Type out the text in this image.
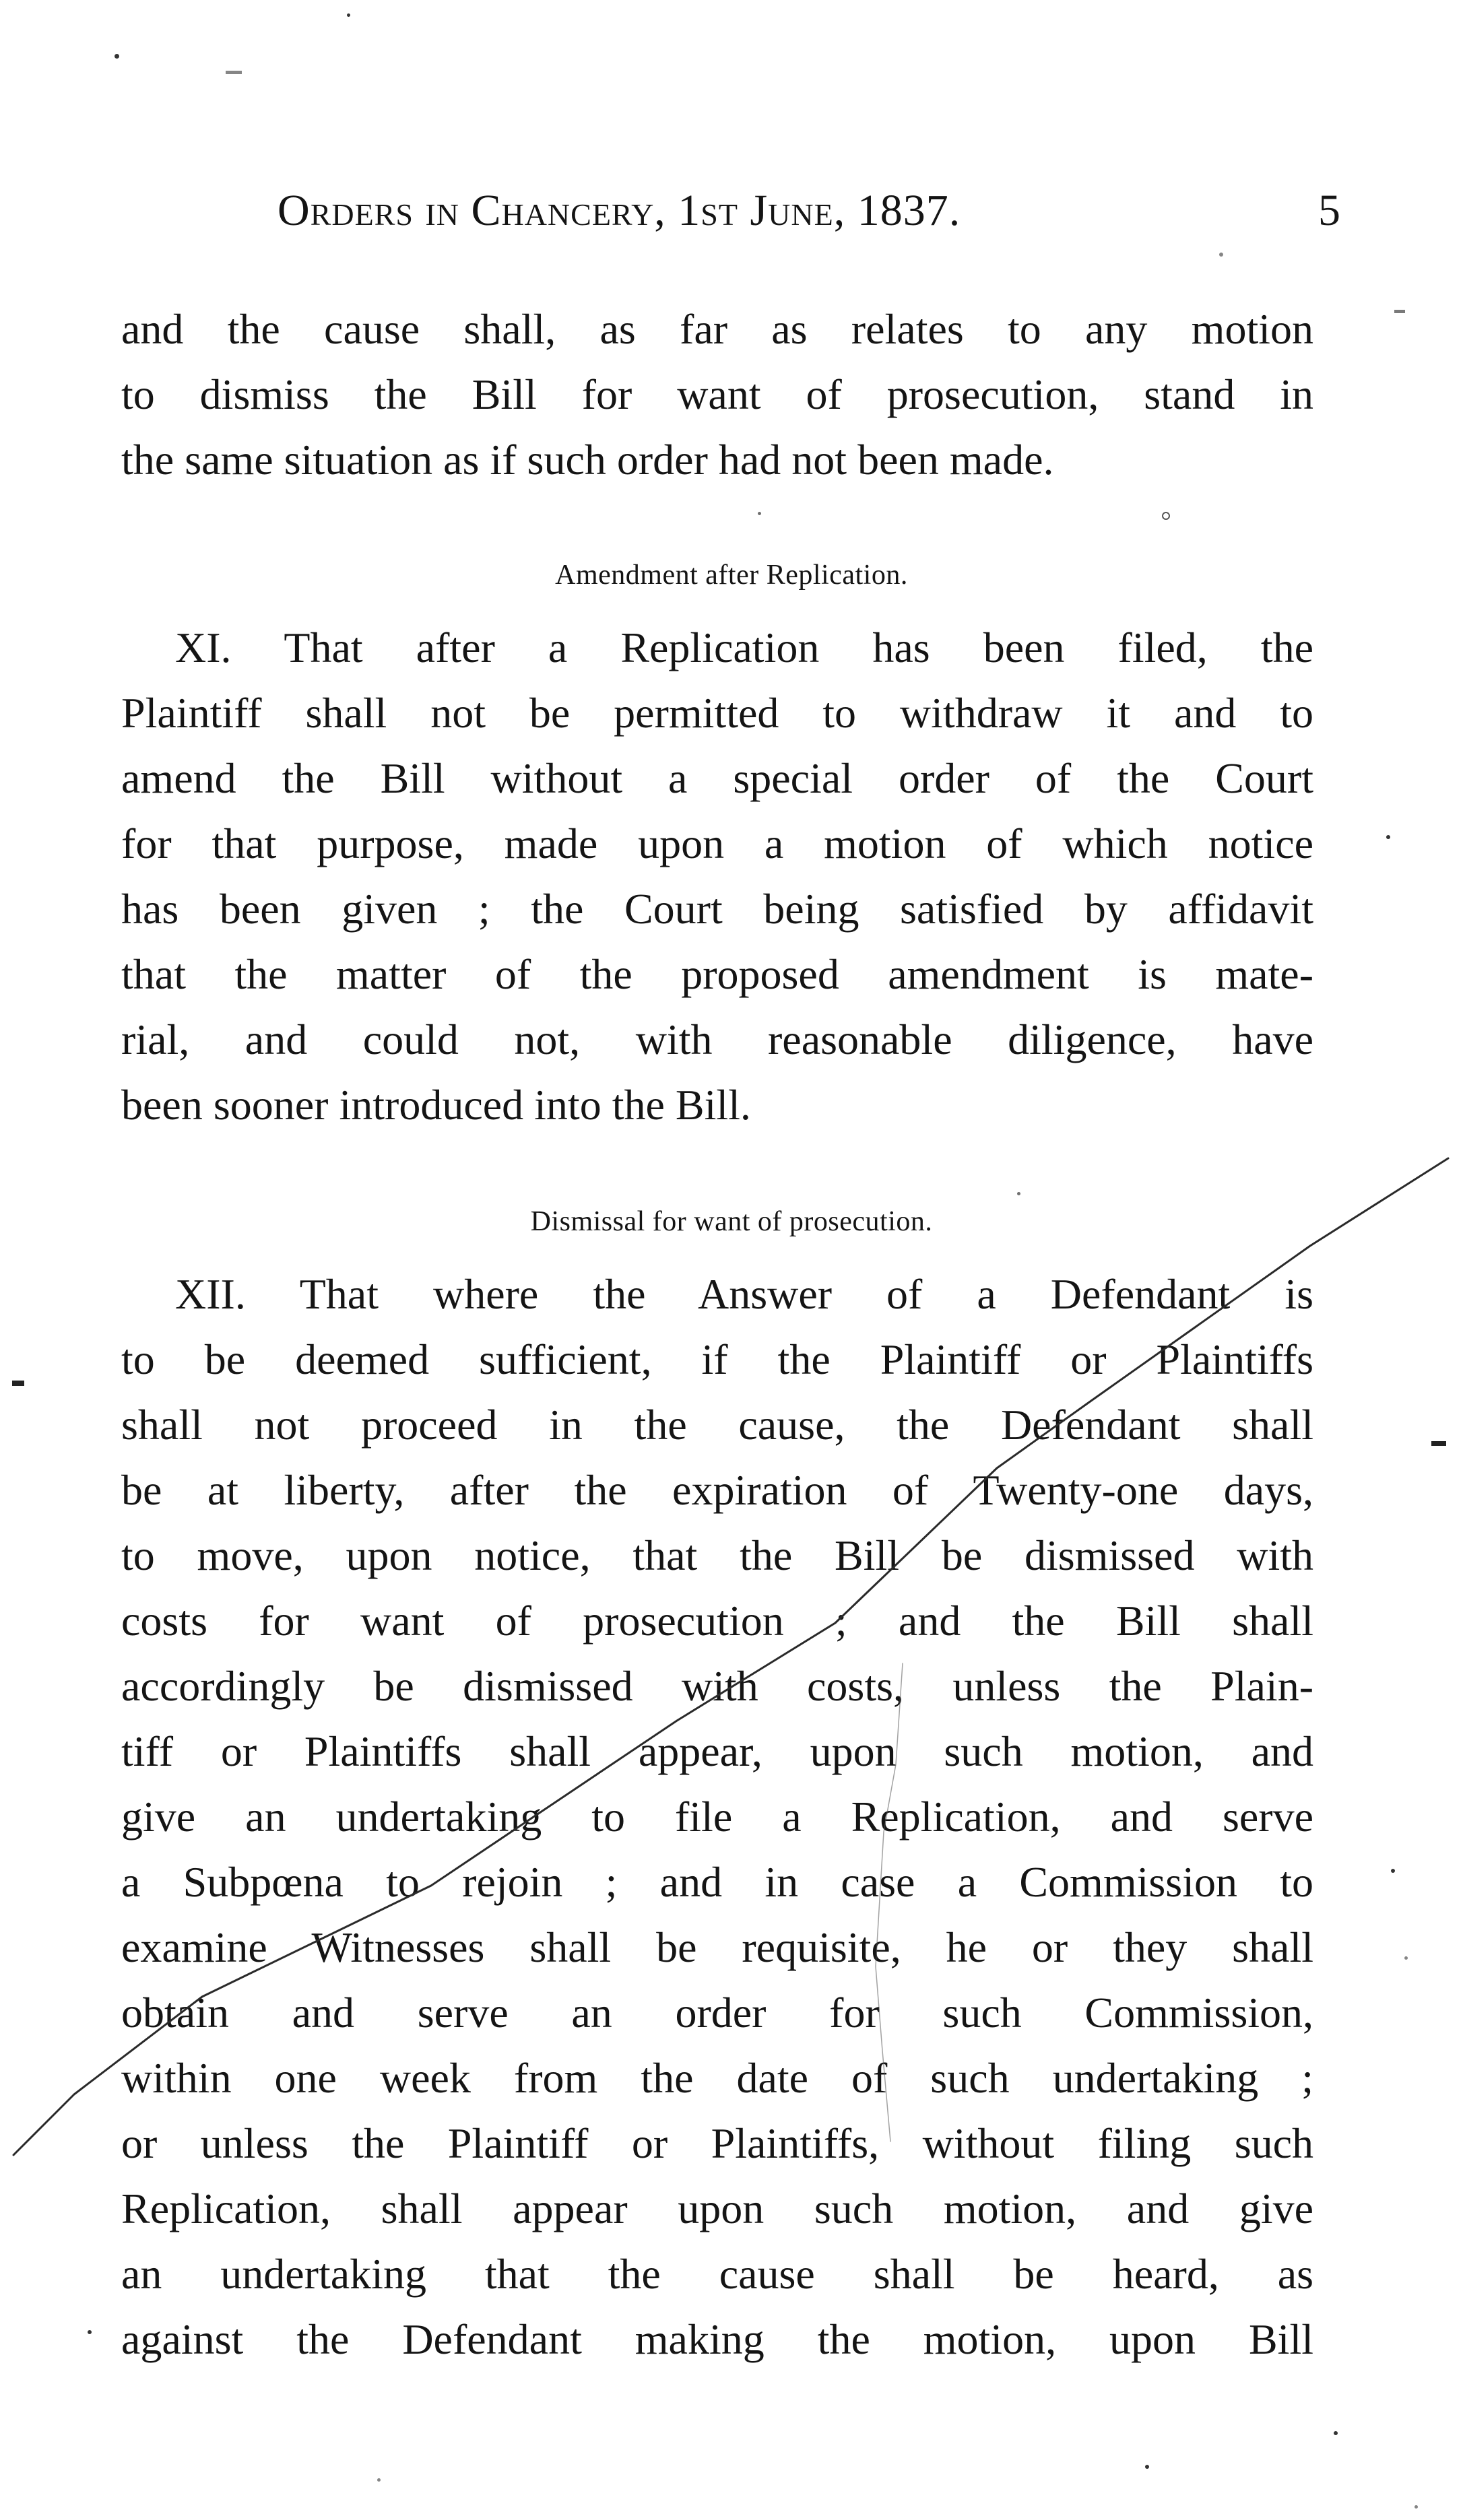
Orders in Chancery, 1st June, 1837.	5
and the cause shall, as far as relates to any motion
to dismiss the Bill for want of prosecution, stand in
the same situation as if such order had not been made.
Amendment after Replication.
XI. That after a Replication has been filed, the
Plaintiff shall not be permitted to withdraw it and to
amend the Bill without a special order of the Court
for that purpose, made upon a motion of which notice
has been given ; the Court being satisfied by affidavit
that the matter of the proposed amendment is mate-
rial, and could not, with reasonable diligence, have
been sooner introduced into the Bill.
Dismissal for want of prosecution.
XII. That where the Answer of a Defendant is
to be deemed sufficient, if the Plaintiff or Plaintiffs
shall not proceed in the cause, the Defendant shall
be at liberty, after the expiration of Twenty-one days,
to move, upon notice, that the Bill be dismissed with
costs for want of prosecution ; and the Bill shall
accordingly be dismissed with costs, unless the Plain-
tiff or Plaintiffs shall appear, upon such motion, and
give an undertaking to file a Replication, and serve
a Subpœna to rejoin ; and in case a Commission to
examine Witnesses shall be requisite, he or they shall
obtain and serve an order for such Commission,
within one week from the date of such undertaking ;
or unless the Plaintiff or Plaintiffs, without filing such
Replication, shall appear upon such motion, and give
an undertaking that the cause shall be heard, as
against the Defendant making the motion, upon Bill
